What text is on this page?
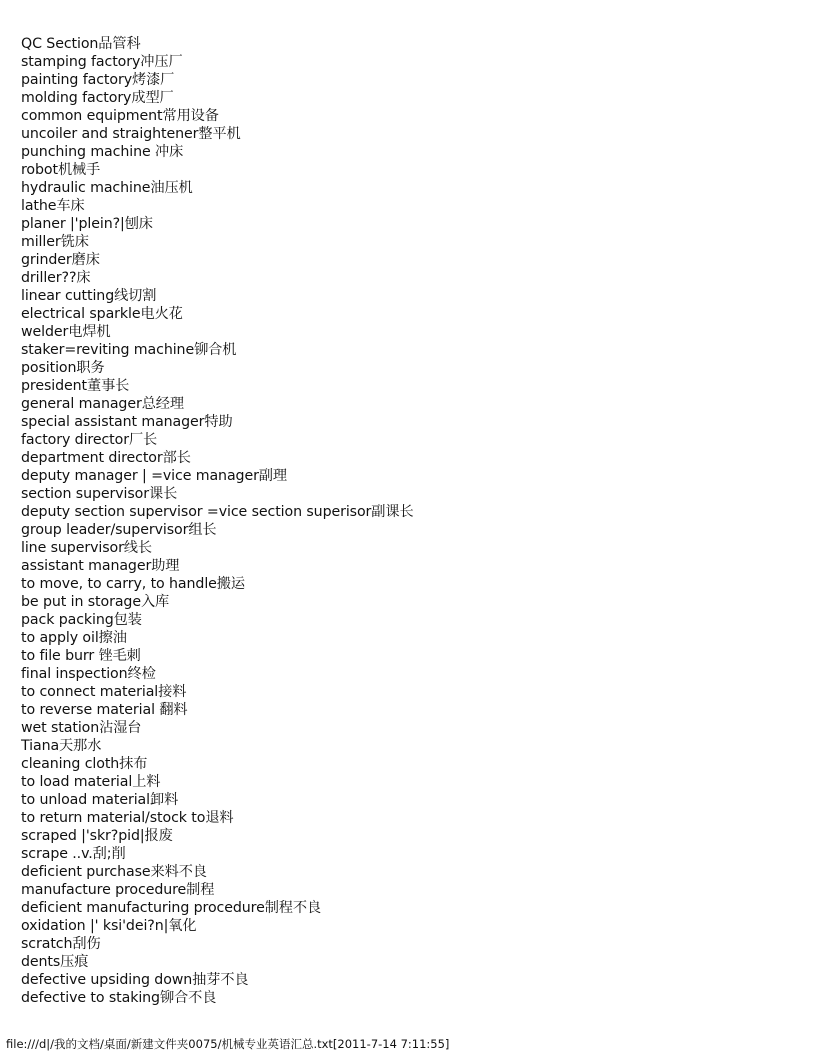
QC Section品管科
stamping factory冲压厂
painting factory烤漆厂
molding factory成型厂
common equipment常用设备
uncoiler and straightener整平机
punching machine 冲床
robot机械手
hydraulic machine油压机
lathe车床
planer |'plein?|刨床
miller铣床
grinder磨床
driller??床
linear cutting线切割
electrical sparkle电火花
welder电焊机
staker=reviting machine铆合机
position职务
president董事长
general manager总经理
special assistant manager特助
factory director厂长
department director部长
deputy manager | =vice manager副理
section supervisor课长
deputy section supervisor =vice section superisor副课长
group leader/supervisor组长
line supervisor线长
assistant manager助理
to move, to carry, to handle搬运
be put in storage入库
pack packing包装
to apply oil擦油
to file burr 锉毛刺
final inspection终检
to connect material接料
to reverse material 翻料
wet station沾湿台
Tiana天那水
cleaning cloth抹布
to load material上料
to unload material卸料
to return material/stock to退料
scraped |'skr?pid|报废
scrape ..v.刮;削
deficient purchase来料不良
manufacture procedure制程
deficient manufacturing procedure制程不良
oxidation |' ksi'dei?n|氧化
scratch刮伤
dents压痕
defective upsiding down抽芽不良
defective to staking铆合不良
file:///d|/我的文档/桌面/新建文件夹0075/机械专业英语汇总.txt[2011-7-14 7:11:55]
